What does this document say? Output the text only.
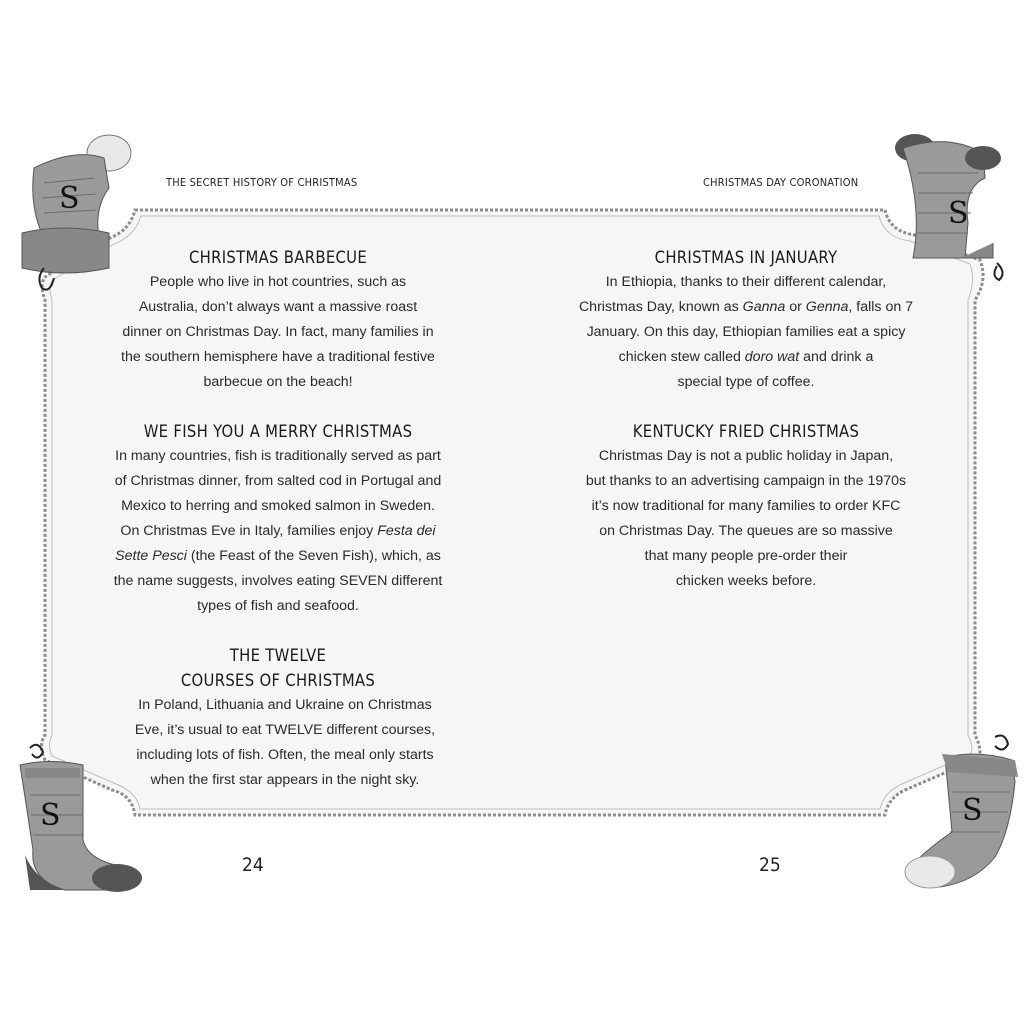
S	S
S	S
THE SECRET HISTORY OF CHRISTMAS	CHRISTMAS DAY CORONATION
CHRISTMAS BARBECUE

People who live in hot countries, such as
Australia, don’t always want a massive roast
dinner on Christmas Day. In fact, many families in
the southern hemisphere have a traditional festive
barbecue on the beach!

WE FISH YOU A MERRY CHRISTMAS

In many countries, fish is traditionally served as part
of Christmas dinner, from salted cod in Portugal and
Mexico to herring and smoked salmon in Sweden.
On Christmas Eve in Italy, families enjoy Festa dei
Sette Pesci (the Feast of the Seven Fish), which, as
the name suggests, involves eating SEVEN different
types of fish and seafood.

THE TWELVE
COURSES OF CHRISTMAS

In Poland, Lithuania and Ukraine on Christmas
Eve, it’s usual to eat TWELVE different courses,
including lots of fish. Often, the meal only starts
when the first star appears in the night sky.

CHRISTMAS IN JANUARY

In Ethiopia, thanks to their different calendar,
Christmas Day, known as Ganna or Genna, falls on 7
January. On this day, Ethiopian families eat a spicy
chicken stew called doro wat and drink a
special type of coffee.

KENTUCKY FRIED CHRISTMAS

Christmas Day is not a public holiday in Japan,
but thanks to an advertising campaign in the 1970s
it’s now traditional for many families to order KFC
on Christmas Day. The queues are so massive
that many people pre-order their
chicken weeks before.

24	25
